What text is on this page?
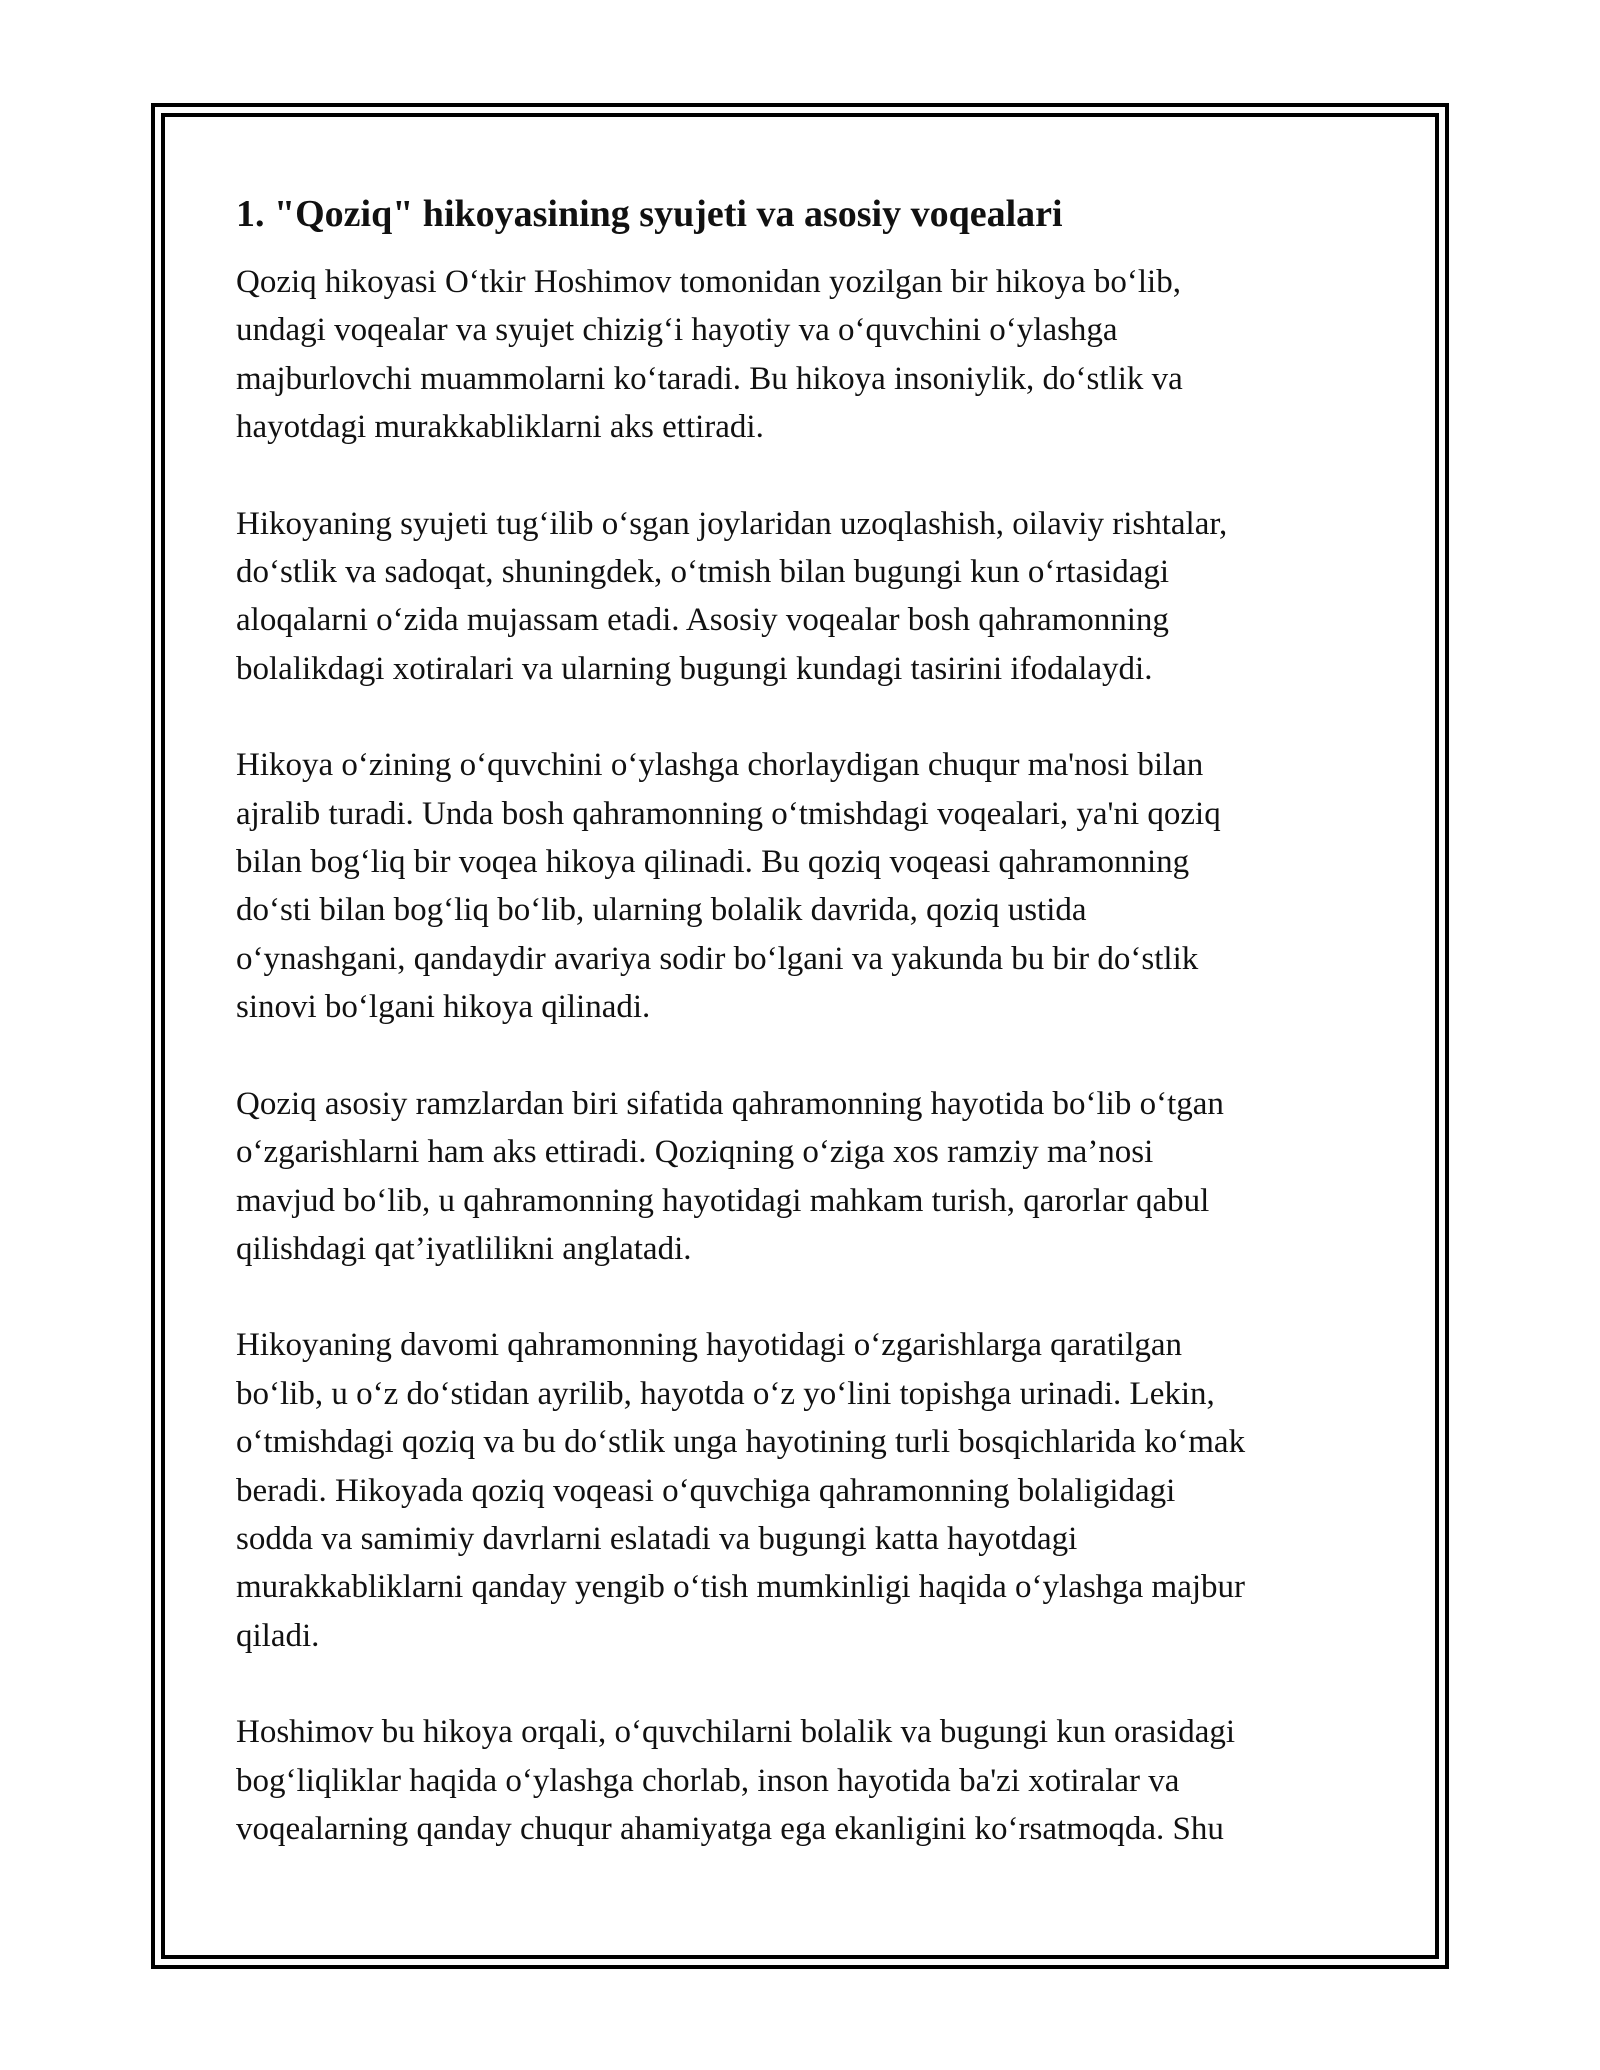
1. "Qoziq" hikoyasining syujeti va asosiy voqealari

Qoziq hikoyasi Oʻtkir Hoshimov tomonidan yozilgan bir hikoya boʻlib,
undagi voqealar va syujet chizigʻi hayotiy va oʻquvchini oʻylashga
majburlovchi muammolarni koʻtaradi. Bu hikoya insoniylik, doʻstlik va
hayotdagi murakkabliklarni aks ettiradi.

Hikoyaning syujeti tugʻilib oʻsgan joylaridan uzoqlashish, oilaviy rishtalar,
doʻstlik va sadoqat, shuningdek, oʻtmish bilan bugungi kun oʻrtasidagi
aloqalarni oʻzida mujassam etadi. Asosiy voqealar bosh qahramonning
bolalikdagi xotiralari va ularning bugungi kundagi tasirini ifodalaydi.

Hikoya oʻzining oʻquvchini oʻylashga chorlaydigan chuqur ma'nosi bilan
ajralib turadi. Unda bosh qahramonning oʻtmishdagi voqealari, ya'ni qoziq
bilan bogʻliq bir voqea hikoya qilinadi. Bu qoziq voqeasi qahramonning
doʻsti bilan bogʻliq boʻlib, ularning bolalik davrida, qoziq ustida
oʻynashgani, qandaydir avariya sodir boʻlgani va yakunda bu bir doʻstlik
sinovi boʻlgani hikoya qilinadi.

Qoziq asosiy ramzlardan biri sifatida qahramonning hayotida boʻlib oʻtgan
oʻzgarishlarni ham aks ettiradi. Qoziqning oʻziga xos ramziy ma’nosi
mavjud boʻlib, u qahramonning hayotidagi mahkam turish, qarorlar qabul
qilishdagi qat’iyatlilikni anglatadi.

Hikoyaning davomi qahramonning hayotidagi oʻzgarishlarga qaratilgan
boʻlib, u oʻz doʻstidan ayrilib, hayotda oʻz yoʻlini topishga urinadi. Lekin,
oʻtmishdagi qoziq va bu doʻstlik unga hayotining turli bosqichlarida koʻmak
beradi. Hikoyada qoziq voqeasi oʻquvchiga qahramonning bolaligidagi
sodda va samimiy davrlarni eslatadi va bugungi katta hayotdagi
murakkabliklarni qanday yengib oʻtish mumkinligi haqida oʻylashga majbur
qiladi.

Hoshimov bu hikoya orqali, oʻquvchilarni bolalik va bugungi kun orasidagi
bogʻliqliklar haqida oʻylashga chorlab, inson hayotida ba'zi xotiralar va
voqealarning qanday chuqur ahamiyatga ega ekanligini koʻrsatmoqda. Shu
